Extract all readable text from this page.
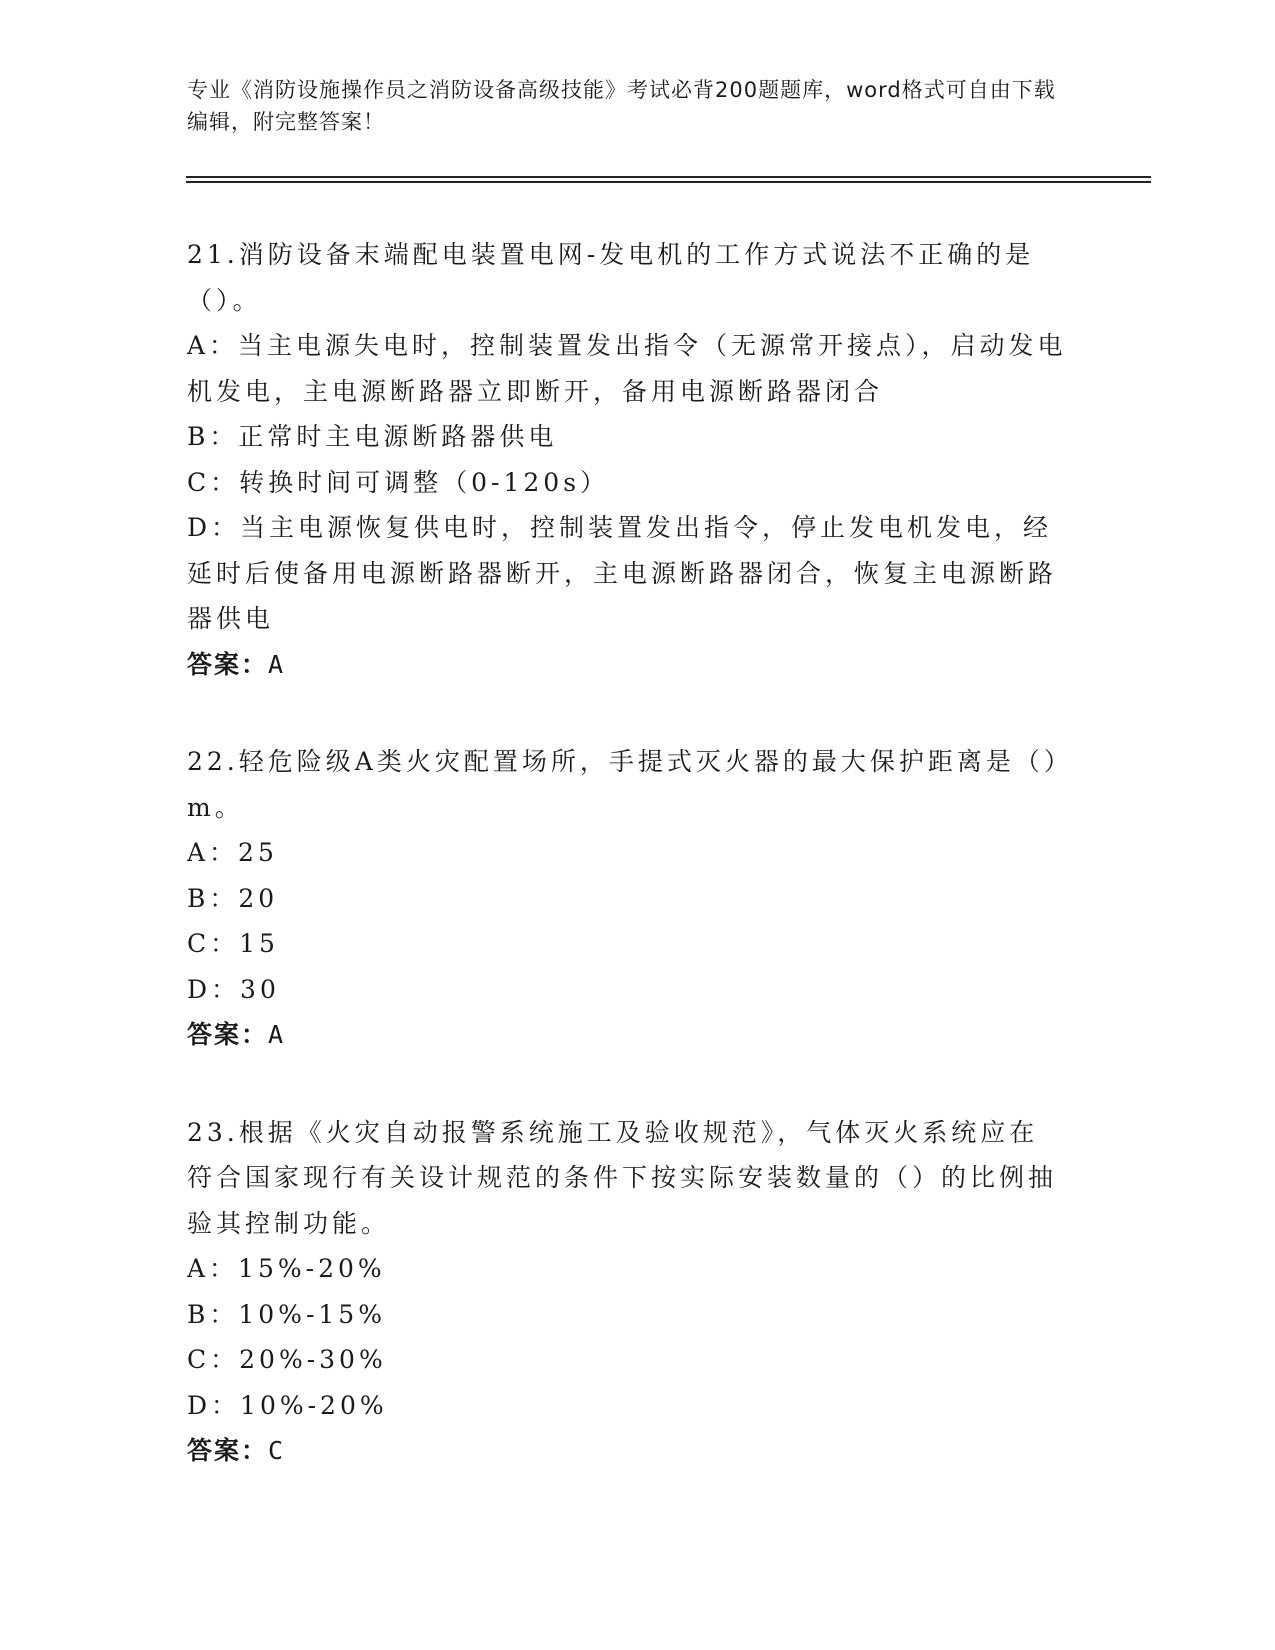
专业《消防设施操作员之消防设备高级技能》考试必背200题题库，word格式可自由下载编辑，附完整答案！

21.消防设备末端配电装置电网-发电机的工作方式说法不正确的是（）。

A：当主电源失电时，控制装置发出指令（无源常开接点），启动发电机发电，主电源断路器立即断开，备用电源断路器闭合

B：正常时主电源断路器供电

C：转换时间可调整（0-120s）

D：当主电源恢复供电时，控制装置发出指令，停止发电机发电，经延时后使备用电源断路器断开，主电源断路器闭合，恢复主电源断路器供电

答案：A

22.轻危险级A类火灾配置场所，手提式灭火器的最大保护距离是（）m。

A：25

B：20

C：15

D：30

答案：A

23.根据《火灾自动报警系统施工及验收规范》，气体灭火系统应在符合国家现行有关设计规范的条件下按实际安装数量的（）的比例抽验其控制功能。

A：15%-20%

B：10%-15%

C：20%-30%

D：10%-20%

答案：C
